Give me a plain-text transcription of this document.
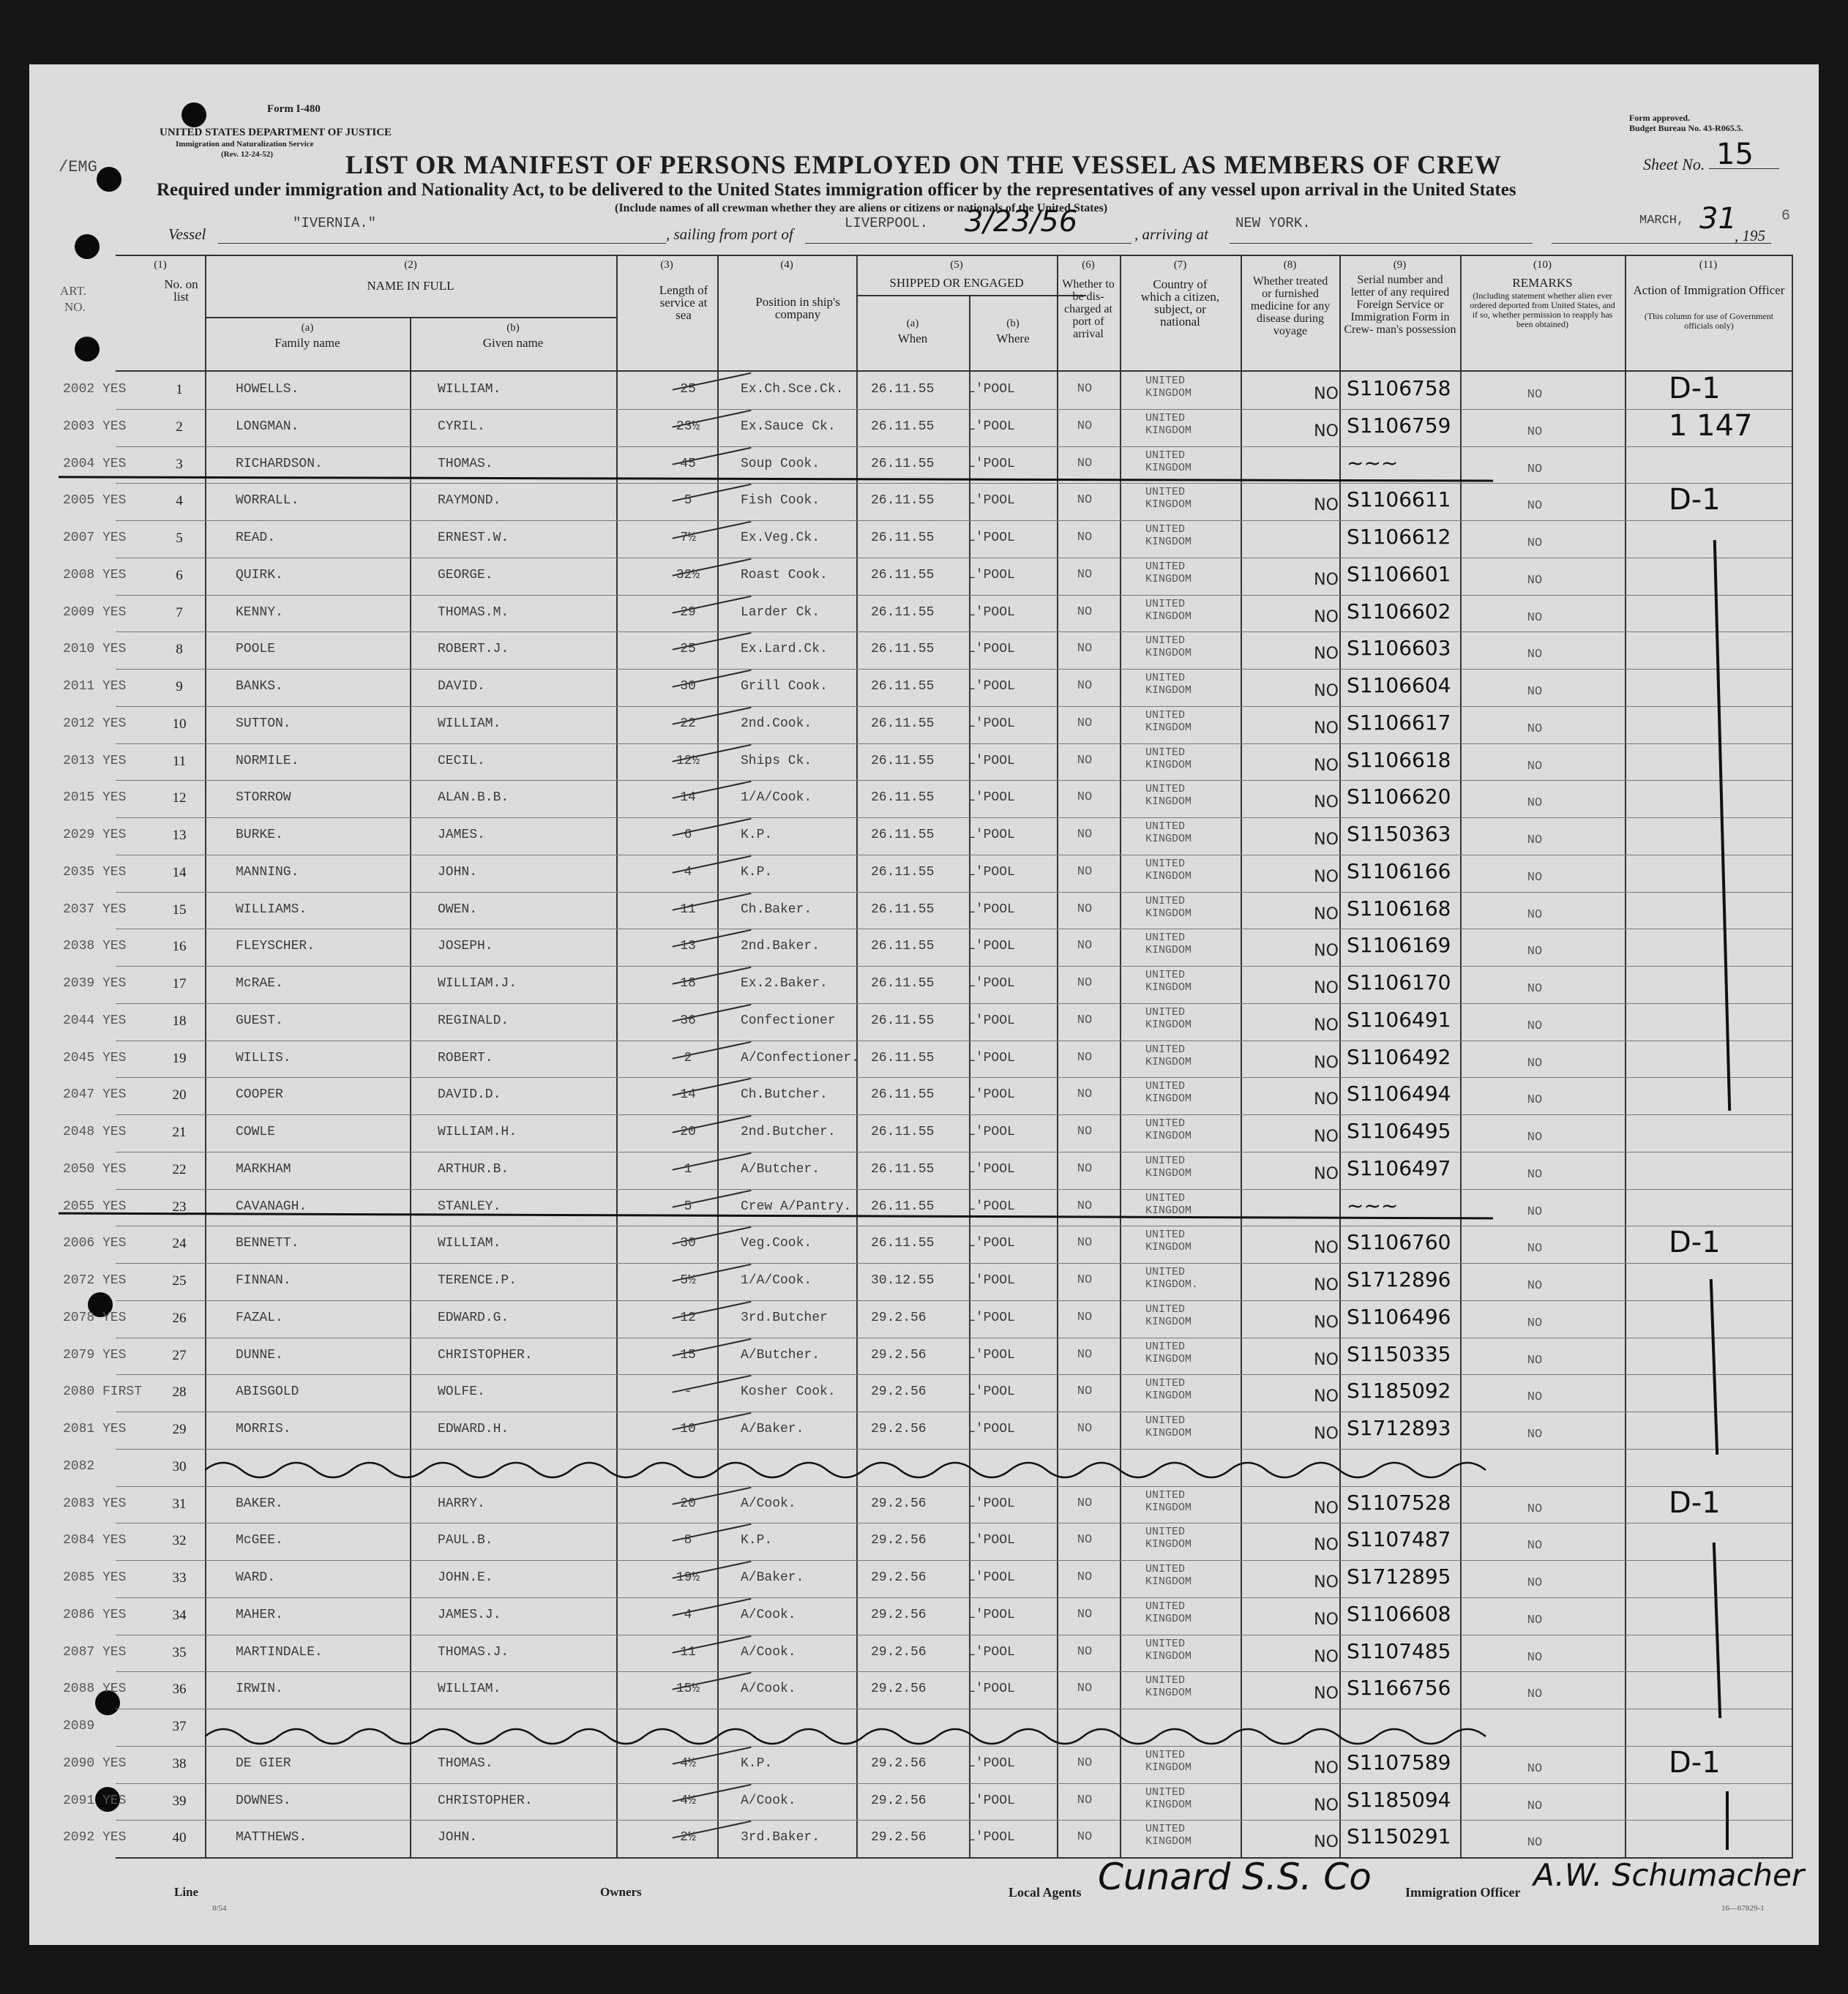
Form I-480
UNITED STATES DEPARTMENT OF JUSTICE
Immigration and Naturalization Service
(Rev. 12-24-52)
Form approved.
Budget Bureau No. 43-R065.5.
/EMG	LIST OR MANIFEST OF PERSONS EMPLOYED ON THE VESSEL AS MEMBERS OF CREW	Sheet No. 15
Required under immigration and Nationality Act, to be delivered to the United States immigration officer by the representatives of any vessel upon arrival in the United States
(Include names of all crewman whether they are aliens or citizens or nationals of the United States)
Vessel
"IVERNIA."
, sailing from port of
LIVERPOOL. 3/23/56	, arriving at
NEW YORK.	MARCH, 31
, 195
6
(1)
ART.
NO.
No. on list
(2)
NAME IN FULL
(a)
Family name
(b)
Given name
(3)
Length of service at sea
(4)
Position in ship's company
(5)
SHIPPED OR ENGAGED
(a)
When
(b)
Where
(6)
Whether to be dis- charged at port of arrival
(7)
Country of which a citizen, subject, or national
(8)
Whether treated or furnished medicine for any disease during voyage
(9)
Serial number and letter of any required Foreign Service or Immigration Form in Crew- man's possession
(10)
REMARKS
(Including statement whether alien ever ordered deported from United States, and if so, whether permission to reapply has been obtained)
(11)
Action of Immigration Officer
(This column for use of Government officials only)
2002 YES	1	HOWELLS.	WILLIAM.	25	Ex.Ch.Sce.Ck. 26.11.55	L'POOL	NO
UNITED KINGDOM	NO S1106758	NO	D-1
2003 YES	2	LONGMAN.	CYRIL.	23½	Ex.Sauce Ck.	26.11.55	L'POOL	NO
UNITED KINGDOM	NO S1106759	NO	1 147
2004 YES	3	RICHARDSON.	THOMAS.	45	Soup Cook.	26.11.55	L'POOL	NO
UNITED KINGDOM	~~~	NO
2005 YES	4	WORRALL.	RAYMOND.	5	Fish Cook.	26.11.55	L'POOL	NO
UNITED KINGDOM	NO S1106611	NO	D-1
2007 YES	5	READ.	ERNEST.W.	7½	Ex.Veg.Ck.	26.11.55	L'POOL	NO
UNITED KINGDOM	S1106612	NO
2008 YES	6	QUIRK.	GEORGE.	32½	Roast Cook.	26.11.55	L'POOL	NO
UNITED KINGDOM	NO S1106601	NO
2009 YES	7	KENNY.	THOMAS.M.	29	Larder Ck.	26.11.55	L'POOL	NO
UNITED KINGDOM	NO S1106602	NO
2010 YES	8	POOLE	ROBERT.J.	25	Ex.Lard.Ck.	26.11.55	L'POOL	NO
UNITED KINGDOM	NO S1106603	NO
2011 YES	9	BANKS.	DAVID.	30	Grill Cook.	26.11.55	L'POOL	NO
UNITED KINGDOM	NO S1106604	NO
2012 YES	10	SUTTON.	WILLIAM.	22	2nd.Cook.	26.11.55	L'POOL	NO
UNITED KINGDOM	NO S1106617	NO
2013 YES	11	NORMILE.	CECIL.	12½	Ships Ck.	26.11.55	L'POOL	NO
UNITED KINGDOM	NO S1106618	NO
2015 YES	12	STORROW	ALAN.B.B.	14	1/A/Cook.	26.11.55	L'POOL	NO
UNITED KINGDOM	NO S1106620	NO
2029 YES	13	BURKE.	JAMES.	6	K.P.	26.11.55	L'POOL	NO
UNITED KINGDOM	NO S1150363	NO
2035 YES	14	MANNING.	JOHN.	4	K.P.	26.11.55	L'POOL	NO
UNITED KINGDOM	NO S1106166	NO
2037 YES	15	WILLIAMS.	OWEN.	11	Ch.Baker.	26.11.55	L'POOL	NO
UNITED KINGDOM	NO S1106168	NO
2038 YES	16	FLEYSCHER.	JOSEPH.	13	2nd.Baker.	26.11.55	L'POOL	NO
UNITED KINGDOM	NO S1106169	NO
2039 YES	17	McRAE.	WILLIAM.J.	18	Ex.2.Baker.	26.11.55	L'POOL	NO
UNITED KINGDOM	NO S1106170	NO
2044 YES	18	GUEST.	REGINALD.	36	Confectioner	26.11.55	L'POOL	NO
UNITED KINGDOM	NO S1106491	NO
2045 YES	19	WILLIS.	ROBERT.	2	A/Confectioner. 26.11.55	L'POOL	NO
UNITED KINGDOM	NO S1106492	NO
2047 YES	20	COOPER	DAVID.D.	14	Ch.Butcher.	26.11.55	L'POOL	NO
UNITED KINGDOM	NO S1106494	NO
2048 YES	21	COWLE	WILLIAM.H.	20	2nd.Butcher.	26.11.55	L'POOL	NO
UNITED KINGDOM	NO S1106495	NO
2050 YES	22	MARKHAM	ARTHUR.B.	1	A/Butcher.	26.11.55	L'POOL	NO
UNITED KINGDOM	NO S1106497	NO
2055 YES	23	CAVANAGH.	STANLEY.	5	Crew A/Pantry. 26.11.55	L'POOL	NO
UNITED KINGDOM	~~~	NO
2006 YES	24	BENNETT.	WILLIAM.	30	Veg.Cook.	26.11.55	L'POOL	NO
UNITED KINGDOM	NO S1106760	NO	D-1
2072 YES	25	FINNAN.	TERENCE.P.	5½	1/A/Cook.	30.12.55	L'POOL	NO
UNITED KINGDOM.	NO S1712896	NO
2078 YES	26	FAZAL.	EDWARD.G.	12	3rd.Butcher	29.2.56	L'POOL	NO
UNITED KINGDOM	NO S1106496	NO
2079 YES	27	DUNNE.	CHRISTOPHER.	15	A/Butcher.	29.2.56	L'POOL	NO
UNITED KINGDOM	NO S1150335	NO
2080 FIRST 28	ABISGOLD	WOLFE.	-	Kosher Cook.	29.2.56	L'POOL	NO
UNITED KINGDOM	NO S1185092	NO
2081 YES	29	MORRIS.	EDWARD.H.	10	A/Baker.	29.2.56	L'POOL	NO
UNITED KINGDOM	NO S1712893	NO
2082	30
2083 YES	31	BAKER.	HARRY.	20	A/Cook.	29.2.56	L'POOL	NO
UNITED KINGDOM	NO S1107528	NO	D-1
2084 YES	32	McGEE.	PAUL.B.	8	K.P.	29.2.56	L'POOL	NO
UNITED KINGDOM	NO S1107487	NO
2085 YES	33	WARD.	JOHN.E.	19½	A/Baker.	29.2.56	L'POOL	NO
UNITED KINGDOM	NO S1712895	NO
2086 YES	34	MAHER.	JAMES.J.	4	A/Cook.	29.2.56	L'POOL	NO
UNITED KINGDOM	NO S1106608	NO
2087 YES	35	MARTINDALE.	THOMAS.J.	11	A/Cook.	29.2.56	L'POOL	NO
UNITED KINGDOM	NO S1107485	NO
2088 YES	36	IRWIN.	WILLIAM.	15½	A/Cook.	29.2.56	L'POOL	NO
UNITED KINGDOM	NO S1166756	NO
2089	37
2090 YES	38	DE GIER	THOMAS.	4½	K.P.	29.2.56	L'POOL	NO
UNITED KINGDOM	NO S1107589	NO	D-1
2091 YES	39	DOWNES.	CHRISTOPHER.	4½	A/Cook.	29.2.56	L'POOL	NO
UNITED KINGDOM	NO S1185094	NO
2092 YES	40	MATTHEWS.	JOHN.	2½	3rd.Baker.	29.2.56	L'POOL	NO
UNITED KINGDOM	NO S1150291	NO
Line	Owners	Local Agents Cunard S.S. Co	Immigration Officer A.W. Schumacher
8/54	16—67829-1
